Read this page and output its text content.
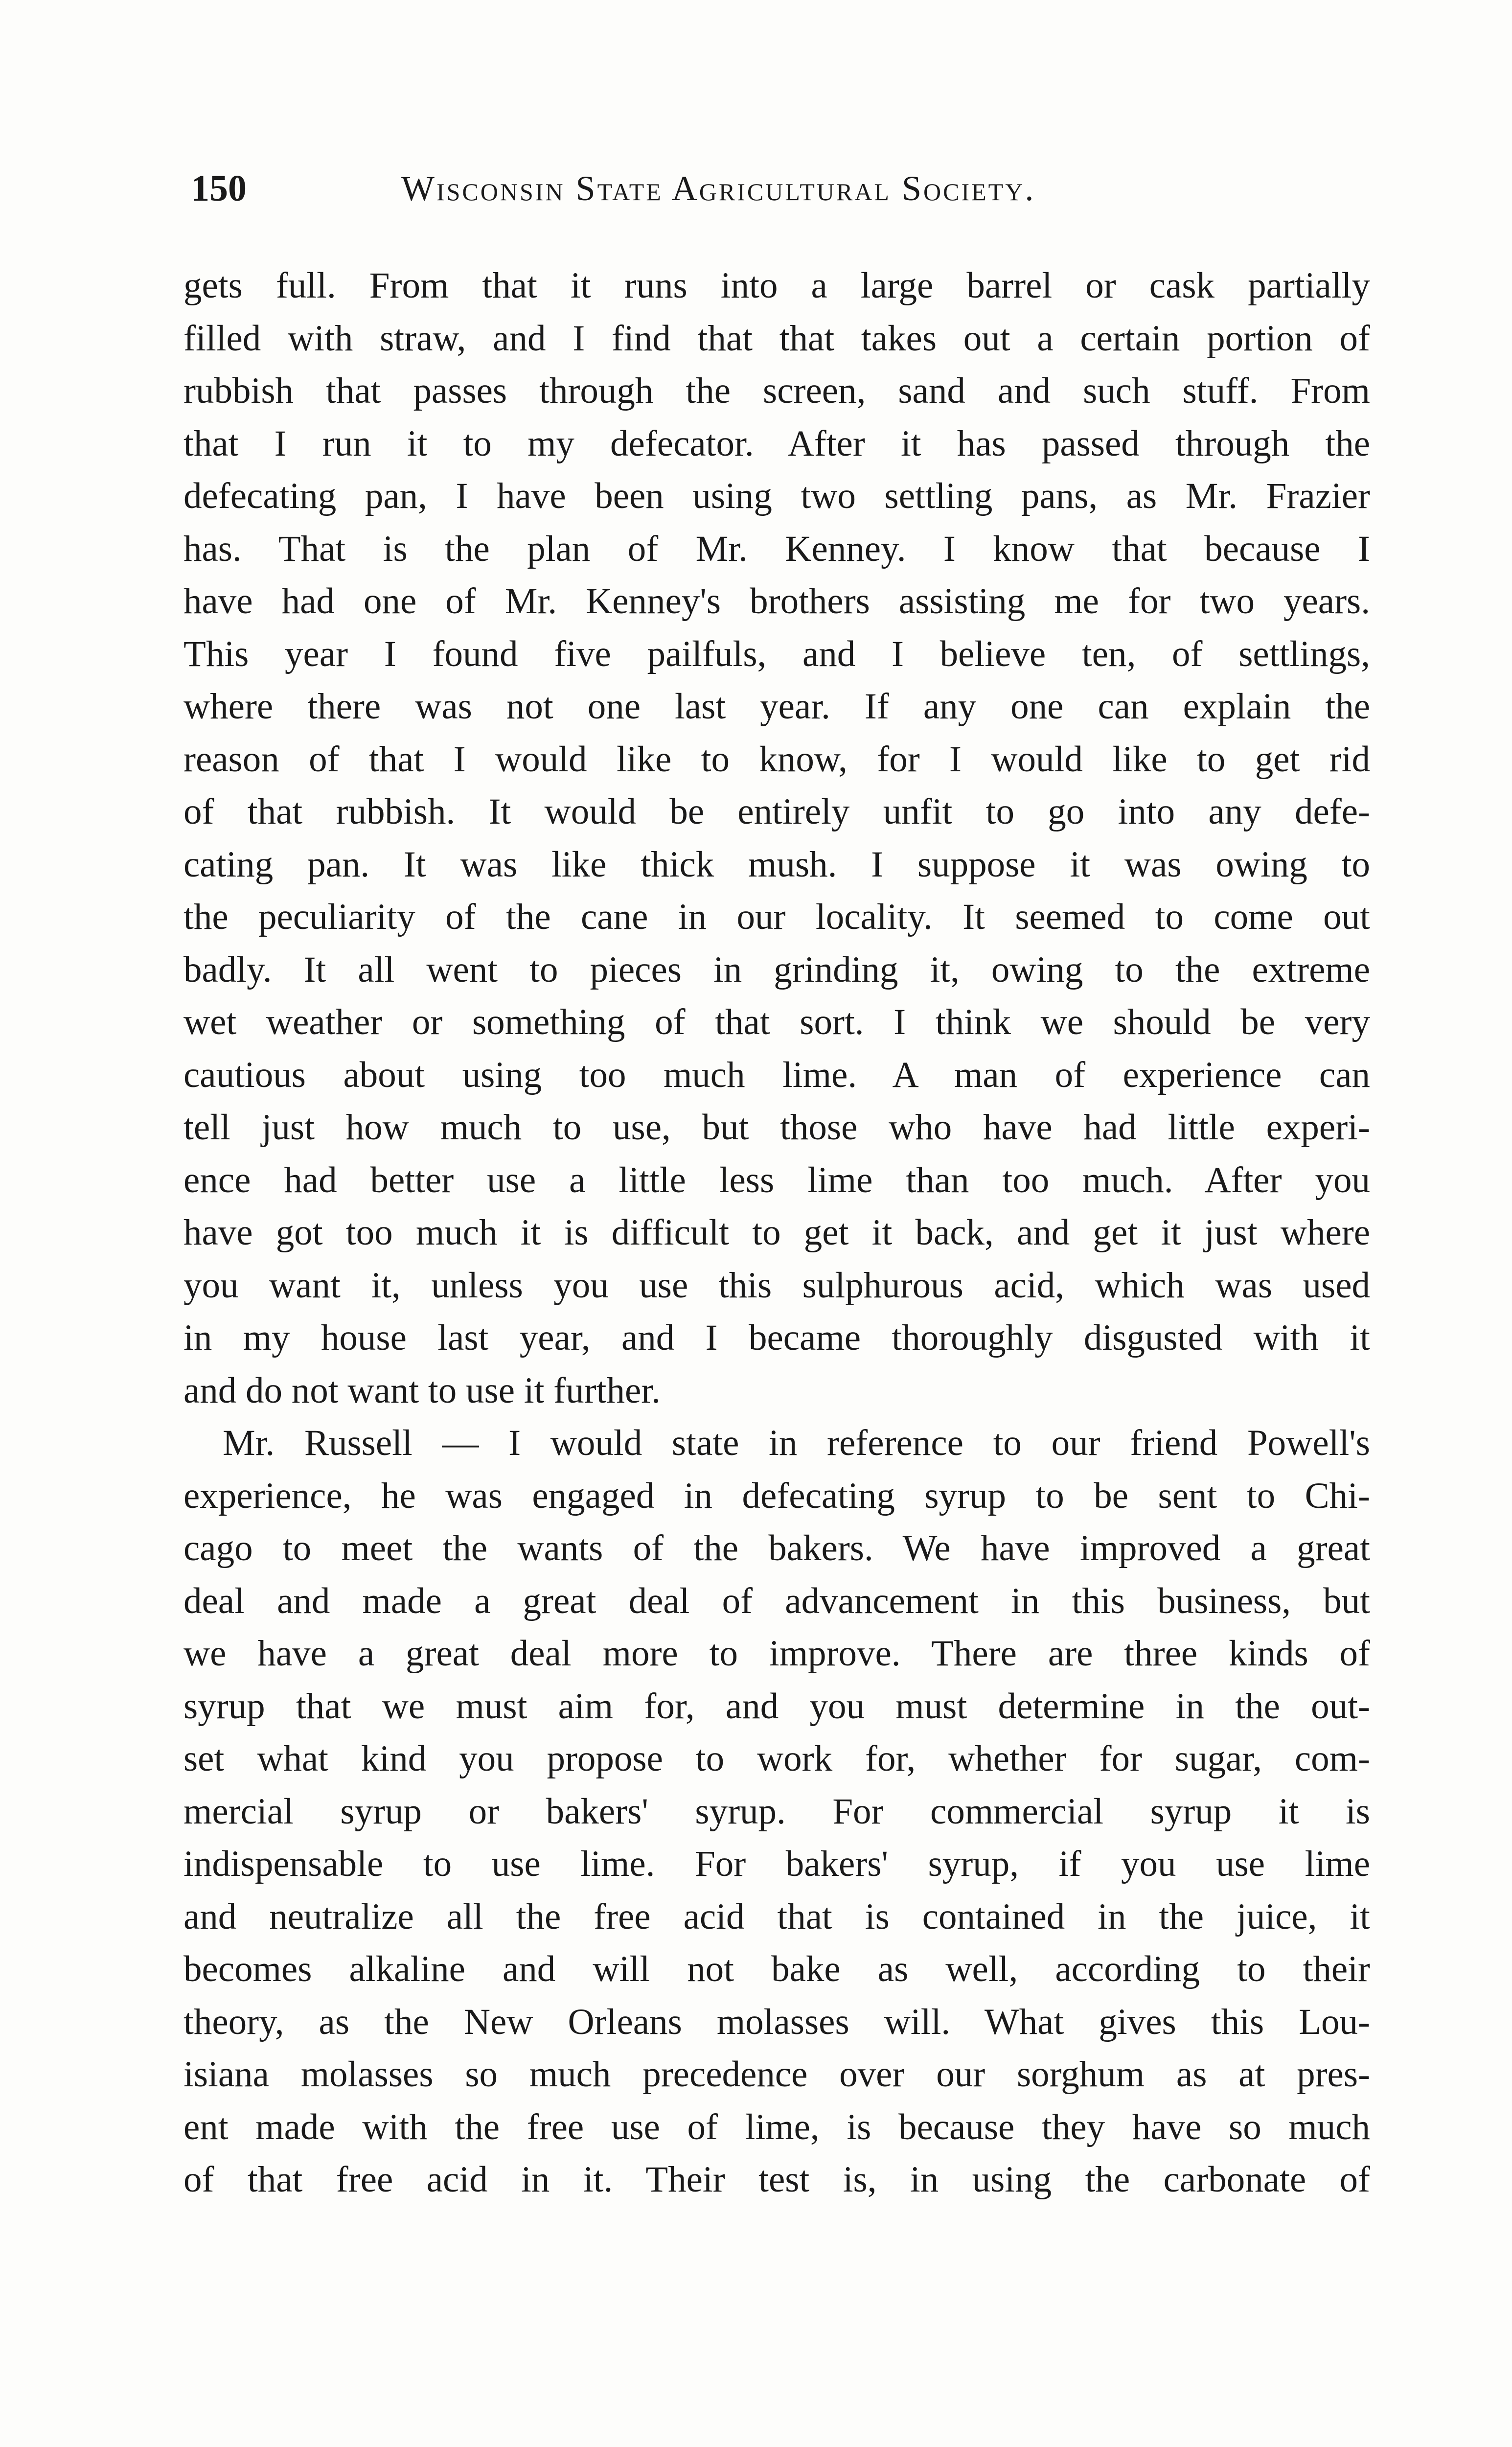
150	Wisconsin State Agricultural Society.
gets full. From that it runs into a large barrel or cask partially
filled with straw, and I find that that takes out a certain portion of
rubbish that passes through the screen, sand and such stuff. From
that I run it to my defecator. After it has passed through the
defecating pan, I have been using two settling pans, as Mr. Frazier
has. That is the plan of Mr. Kenney. I know that because I
have had one of Mr. Kenney's brothers assisting me for two years.
This year I found five pailfuls, and I believe ten, of settlings,
where there was not one last year. If any one can explain the
reason of that I would like to know, for I would like to get rid
of that rubbish. It would be entirely unfit to go into any defe-
cating pan. It was like thick mush. I suppose it was owing to
the peculiarity of the cane in our locality. It seemed to come out
badly. It all went to pieces in grinding it, owing to the extreme
wet weather or something of that sort. I think we should be very
cautious about using too much lime. A man of experience can
tell just how much to use, but those who have had little experi-
ence had better use a little less lime than too much. After you
have got too much it is difficult to get it back, and get it just where
you want it, unless you use this sulphurous acid, which was used
in my house last year, and I became thoroughly disgusted with it
and do not want to use it further.
Mr. Russell — I would state in reference to our friend Powell's
experience, he was engaged in defecating syrup to be sent to Chi-
cago to meet the wants of the bakers. We have improved a great
deal and made a great deal of advancement in this business, but
we have a great deal more to improve. There are three kinds of
syrup that we must aim for, and you must determine in the out-
set what kind you propose to work for, whether for sugar, com-
mercial syrup or bakers' syrup. For commercial syrup it is
indispensable to use lime. For bakers' syrup, if you use lime
and neutralize all the free acid that is contained in the juice, it
becomes alkaline and will not bake as well, according to their
theory, as the New Orleans molasses will. What gives this Lou-
isiana molasses so much precedence over our sorghum as at pres-
ent made with the free use of lime, is because they have so much
of that free acid in it. Their test is, in using the carbonate of
